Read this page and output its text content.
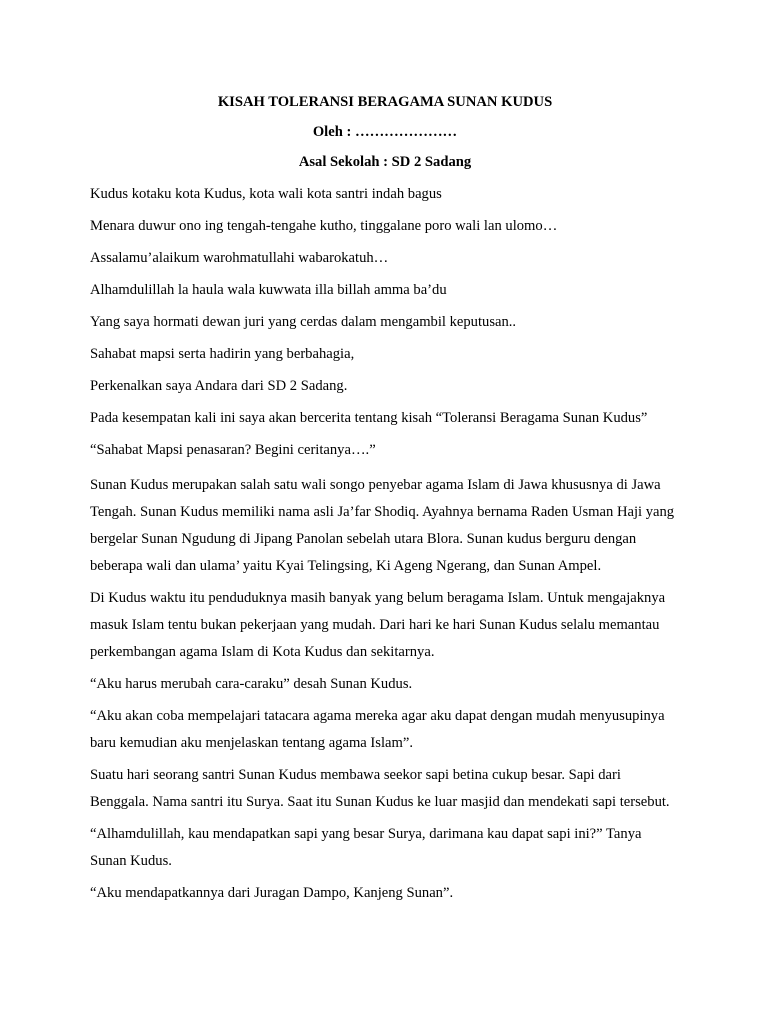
KISAH TOLERANSI BERAGAMA SUNAN KUDUS

Oleh : …………………

Asal Sekolah : SD 2 Sadang

Kudus kotaku kota Kudus, kota wali kota santri indah bagus

Menara duwur ono ing tengah-tengahe kutho, tinggalane poro wali lan ulomo…

Assalamu’alaikum warohmatullahi wabarokatuh…

Alhamdulillah la haula wala kuwwata illa billah amma ba’du

Yang saya hormati dewan juri yang cerdas dalam mengambil keputusan..

Sahabat mapsi serta hadirin yang berbahagia,

Perkenalkan saya Andara dari SD 2 Sadang.

Pada kesempatan kali ini saya akan bercerita tentang kisah “Toleransi Beragama Sunan Kudus”

“Sahabat Mapsi penasaran? Begini ceritanya….”

Sunan Kudus merupakan salah satu wali songo penyebar agama Islam di Jawa khususnya di Jawa Tengah. Sunan Kudus memiliki nama asli Ja’far Shodiq. Ayahnya bernama Raden Usman Haji yang bergelar Sunan Ngudung di Jipang Panolan sebelah utara Blora. Sunan kudus berguru dengan beberapa wali dan ulama’ yaitu Kyai Telingsing, Ki Ageng Ngerang, dan Sunan Ampel.

Di Kudus waktu itu penduduknya masih banyak yang belum beragama Islam. Untuk mengajaknya masuk Islam tentu bukan pekerjaan yang mudah. Dari hari ke hari Sunan Kudus selalu memantau perkembangan agama Islam di Kota Kudus dan sekitarnya.

“Aku harus merubah cara-caraku” desah Sunan Kudus.

“Aku akan coba mempelajari tatacara agama mereka agar aku dapat dengan mudah menyusupinya baru kemudian aku menjelaskan tentang agama Islam”.

Suatu hari seorang santri Sunan Kudus membawa seekor sapi betina cukup besar. Sapi dari Benggala. Nama santri itu Surya. Saat itu Sunan Kudus ke luar masjid dan mendekati sapi tersebut.

“Alhamdulillah, kau mendapatkan sapi yang besar Surya, darimana kau dapat sapi ini?” Tanya Sunan Kudus.

“Aku mendapatkannya dari Juragan Dampo, Kanjeng Sunan”.
